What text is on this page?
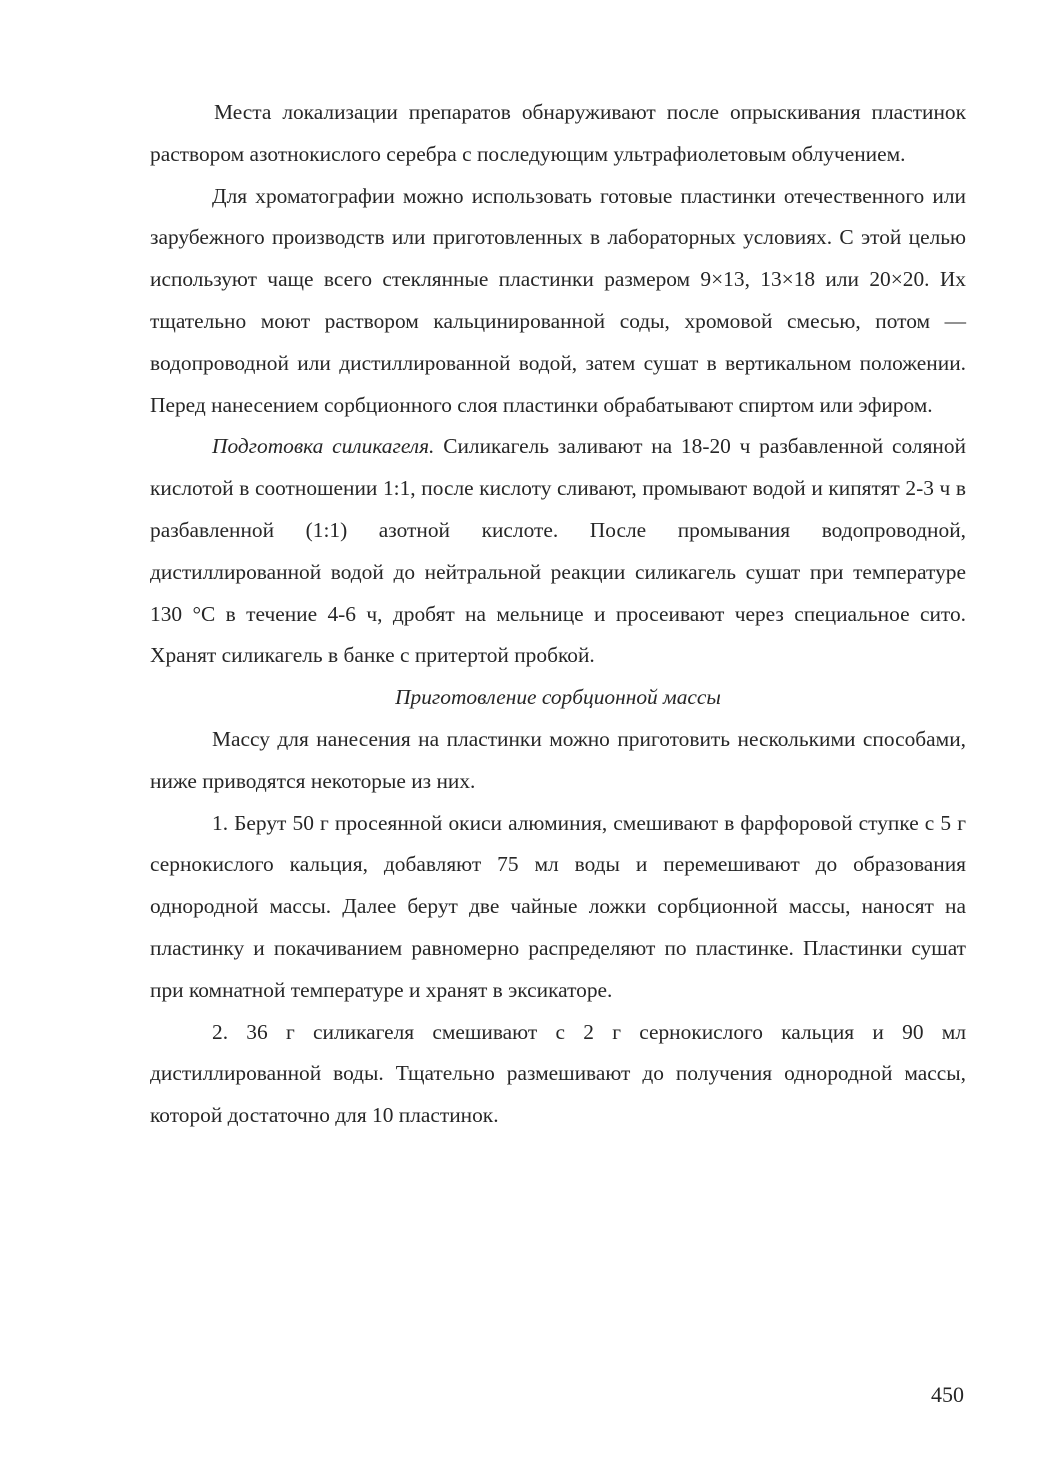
Места локализации препаратов обнаруживают после опрыскивания пластинок раствором азотнокислого серебра с последующим ультрафиолетовым облучением.

Для хроматографии можно использовать готовые пластинки отечественного или зарубежного производств или приготовленных в лабораторных условиях. С этой целью используют чаще всего стеклянные пластинки размером 9×13, 13×18 или 20×20. Их тщательно моют раствором кальцинированной соды, хромовой смесью, потом — водопроводной или дистиллированной водой, затем сушат в вертикальном положении. Перед нанесением сорбционного слоя пластинки обрабатывают спиртом или эфиром.

Подготовка силикагеля. Силикагель заливают на 18-20 ч разбавленной соляной кислотой в соотношении 1:1, после кислоту сливают, промывают водой и кипятят 2-3 ч в разбавленной (1:1) азотной кислоте. После промывания водопроводной, дистиллированной водой до нейтральной реакции силикагель сушат при температуре 130 °С в течение 4-6 ч, дробят на мельнице и просеивают через специальное сито. Хранят силикагель в банке с притертой пробкой.

Приготовление сорбционной массы

Массу для нанесения на пластинки можно приготовить несколькими способами, ниже приводятся некоторые из них.

1. Берут 50 г просеянной окиси алюминия, смешивают в фарфоровой ступке с 5 г сернокислого кальция, добавляют 75 мл воды и перемешивают до образования однородной массы. Далее берут две чайные ложки сорбционной массы, наносят на пластинку и покачиванием равномерно распределяют по пластинке. Пластинки сушат при комнатной температуре и хранят в эксикаторе.

2. 36 г силикагеля смешивают с 2 г сернокислого кальция и 90 мл дистиллированной воды. Тщательно размешивают до получения однородной массы, которой достаточно для 10 пластинок.

450
